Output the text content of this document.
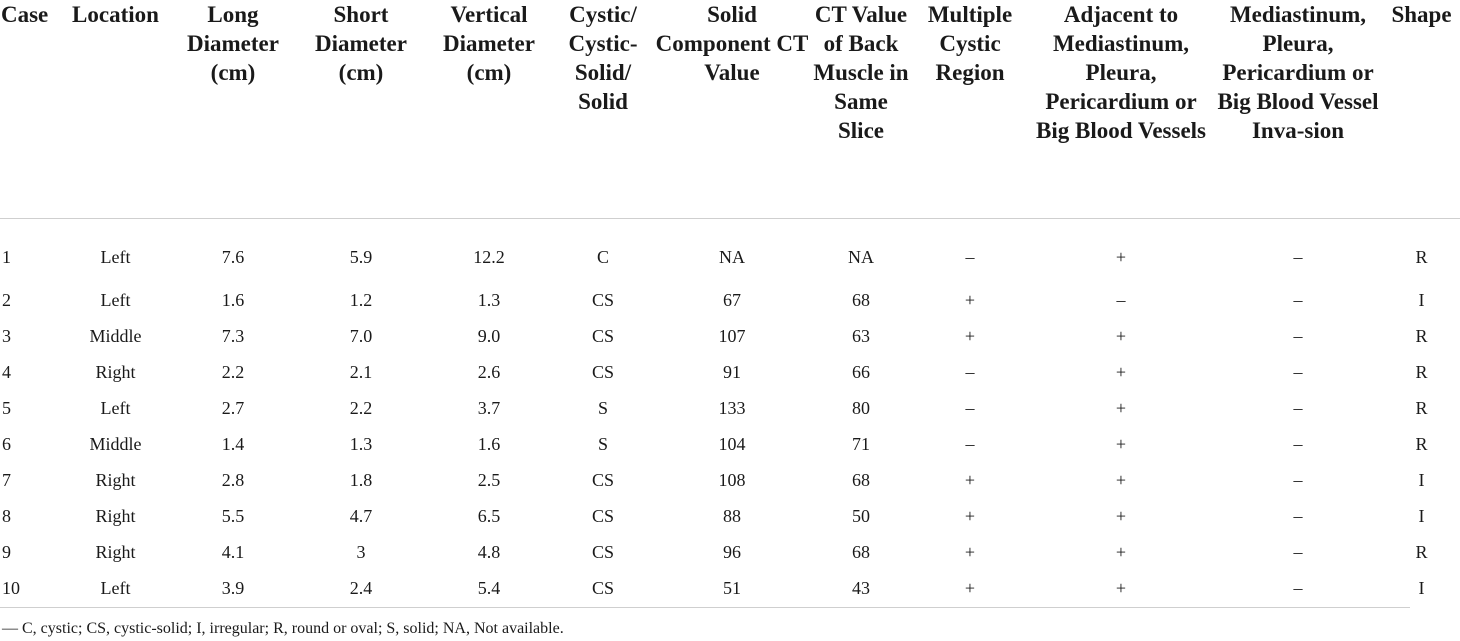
Case	Location	Long Diameter (cm)	Short Diameter (cm)	Vertical Diameter (cm)	Cystic/ Cystic-Solid/ Solid	Solid Component CT Value	CT Value of Back Muscle in Same Slice	Multiple Cystic Region	Adjacent to Mediastinum, Pleura, Pericardium or Big Blood Vessels	Mediastinum, Pleura, Pericardium or Big Blood Vessel Inva-sion	Shape
1	Left	7.6	5.9	12.2	C	NA	NA	–	+	–	R
2	Left	1.6	1.2	1.3	CS	67	68	+	–	–	I
3	Middle	7.3	7.0	9.0	CS	107	63	+	+	–	R
4	Right	2.2	2.1	2.6	CS	91	66	–	+	–	R
5	Left	2.7	2.2	3.7	S	133	80	–	+	–	R
6	Middle	1.4	1.3	1.6	S	104	71	–	+	–	R
7	Right	2.8	1.8	2.5	CS	108	68	+	+	–	I
8	Right	5.5	4.7	6.5	CS	88	50	+	+	–	I
9	Right	4.1	3	4.8	CS	96	68	+	+	–	R
10	Left	3.9	2.4	5.4	CS	51	43	+	+	–	I
— C, cystic; CS, cystic-solid; I, irregular; R, round or oval; S, solid; NA, Not available.
